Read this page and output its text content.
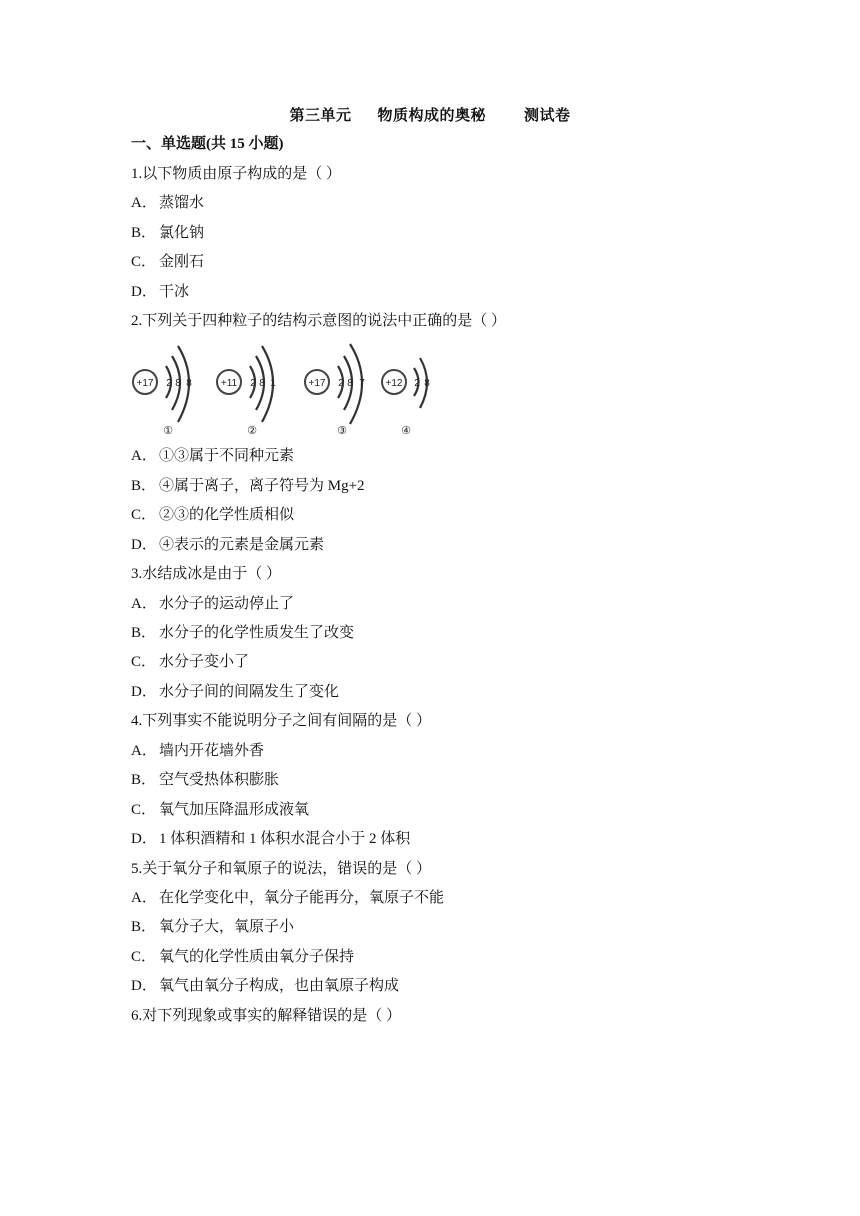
第三单元 物质构成的奥秘	测试卷
一、单选题(共 15 小题)
1.以下物质由原子构成的是（ ）
A． 蒸馏水
B． 氯化钠
C． 金刚石
D． 干冰
2.下列关于四种粒子的结构示意图的说法中正确的是（ ）
+17 2 8 8
①
+11 2 8 1
②
+17 2 8 7
③
+12 2 8
④
A． ①③属于不同种元素
B． ④属于离子，离子符号为 Mg+2
C． ②③的化学性质相似
D． ④表示的元素是金属元素
3.水结成冰是由于（ ）
A． 水分子的运动停止了
B． 水分子的化学性质发生了改变
C． 水分子变小了
D． 水分子间的间隔发生了变化
4.下列事实不能说明分子之间有间隔的是（ ）
A． 墙内开花墙外香
B． 空气受热体积膨胀
C． 氧气加压降温形成液氧
D． 1 体积酒精和 1 体积水混合小于 2 体积
5.关于氧分子和氧原子的说法，错误的是（ ）
A． 在化学变化中，氧分子能再分，氧原子不能
B． 氧分子大，氧原子小
C． 氧气的化学性质由氧分子保持
D． 氧气由氧分子构成，也由氧原子构成
6.对下列现象或事实的解释错误的是（ ）
